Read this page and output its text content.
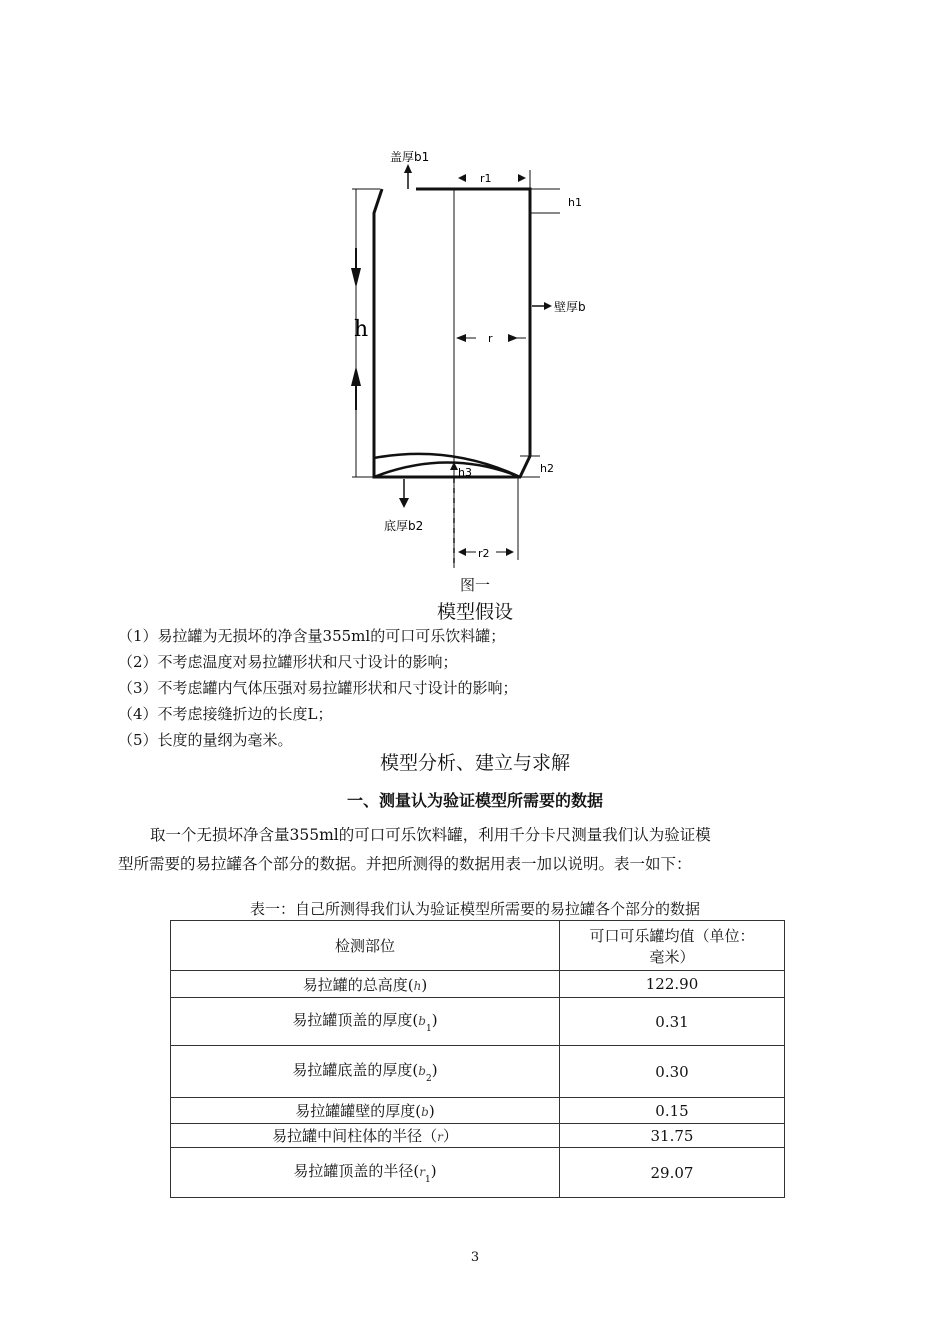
盖厚b1
r1
h1
壁厚b
h	r
h3	h2
底厚b2
r2
图一
模型假设
（1）易拉罐为无损坏的净含量355ml的可口可乐饮料罐；
（2）不考虑温度对易拉罐形状和尺寸设计的影响；
（3）不考虑罐内气体压强对易拉罐形状和尺寸设计的影响；
（4）不考虑接缝折边的长度L；
（5）长度的量纲为毫米。
模型分析、建立与求解
一、测量认为验证模型所需要的数据
取一个无损坏净含量355ml的可口可乐饮料罐，利用千分卡尺测量我们认为验证模
型所需要的易拉罐各个部分的数据。并把所测得的数据用表一加以说明。表一如下：
表一：自己所测得我们认为验证模型所需要的易拉罐各个部分的数据
检测部位	可口可乐罐均值（单位：
毫米）

易拉罐的总高度(h)	122.90
易拉罐顶盖的厚度$(b_1)$	0.31
易拉罐底盖的厚度$(b_2)$	0.30
易拉罐罐壁的厚度(b)	0.15
易拉罐中间柱体的半径（r）	31.75
易拉罐顶盖的半径$(r_1)$	29.07
3
